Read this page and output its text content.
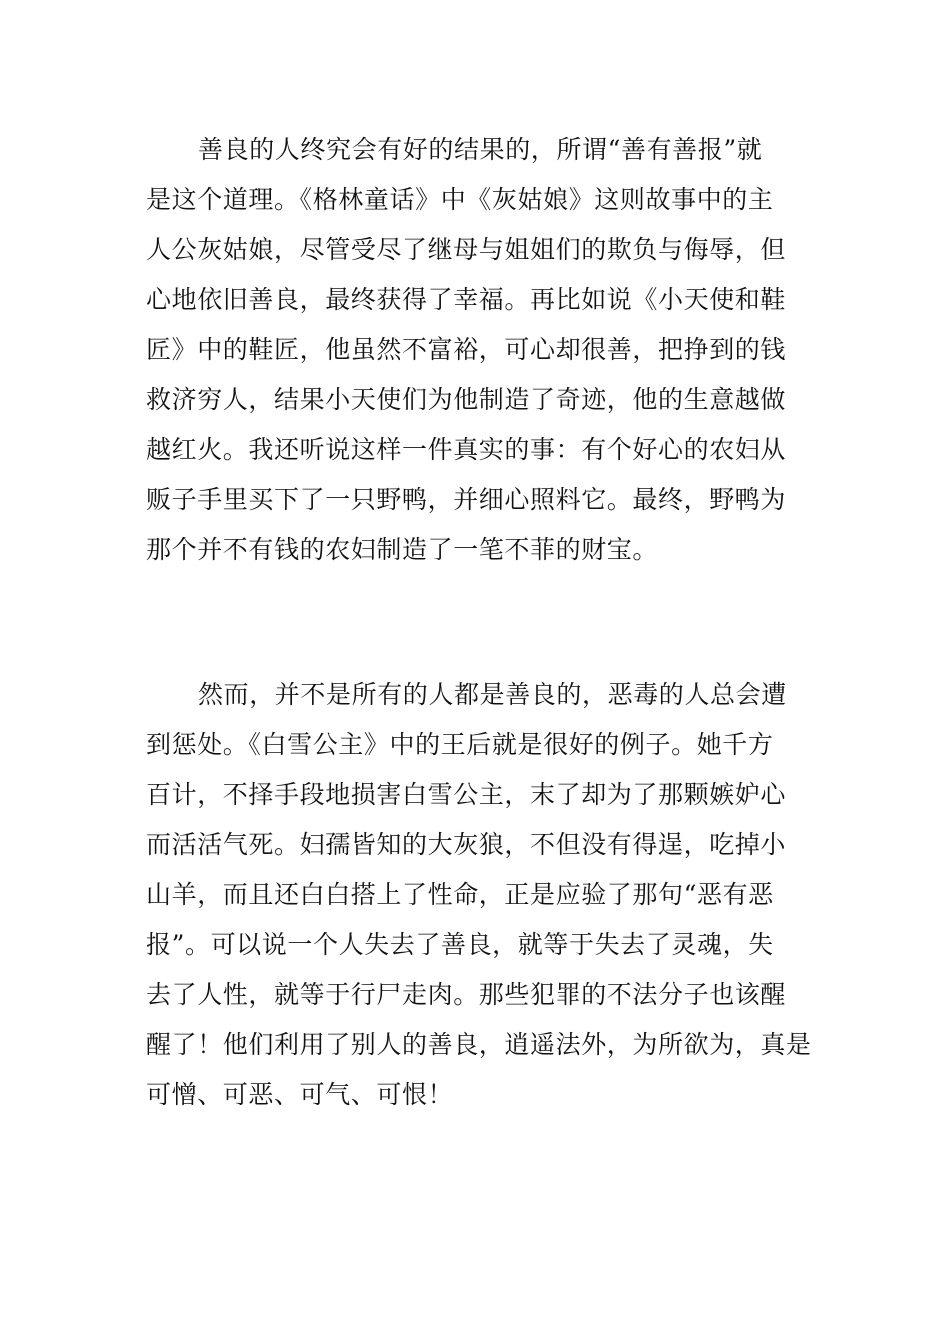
善良的人终究会有好的结果的，所谓“善有善报”就
是这个道理。《格林童话》中《灰姑娘》这则故事中的主
人公灰姑娘，尽管受尽了继母与姐姐们的欺负与侮辱，但
心地依旧善良，最终获得了幸福。再比如说《小天使和鞋
匠》中的鞋匠，他虽然不富裕，可心却很善，把挣到的钱
救济穷人，结果小天使们为他制造了奇迹，他的生意越做
越红火。我还听说这样一件真实的事：有个好心的农妇从
贩子手里买下了一只野鸭，并细心照料它。最终，野鸭为
那个并不有钱的农妇制造了一笔不菲的财宝。
然而，并不是所有的人都是善良的，恶毒的人总会遭
到惩处。《白雪公主》中的王后就是很好的例子。她千方
百计，不择手段地损害白雪公主，末了却为了那颗嫉妒心
而活活气死。妇孺皆知的大灰狼，不但没有得逞，吃掉小
山羊，而且还白白搭上了性命，正是应验了那句“恶有恶
报”。可以说一个人失去了善良，就等于失去了灵魂，失
去了人性，就等于行尸走肉。那些犯罪的不法分子也该醒
醒了！他们利用了别人的善良，逍遥法外，为所欲为，真是
可憎、可恶、可气、可恨！
